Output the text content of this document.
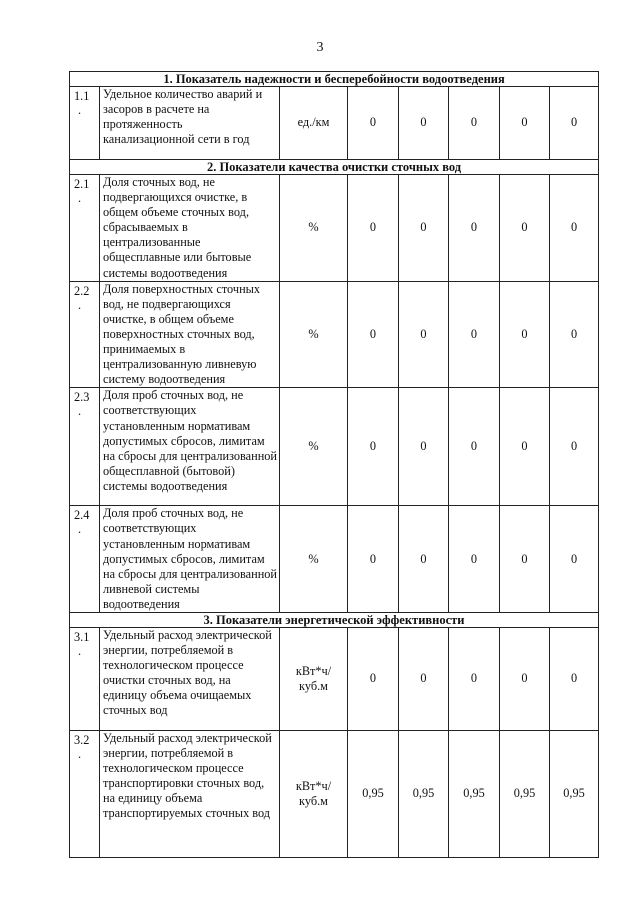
3
1. Показатель надежности и бесперебойности водоотведения							
1.1
.	Удельное количество аварий и засоров в расчете на протяженность канализационной сети в год	ед./км	0	0	0	0	0
2. Показатели качества очистки сточных вод							
2.1
.	Доля сточных вод, не подвергающихся очистке, в общем объеме сточных вод, сбрасываемых в централизованные общесплавные или бытовые системы водоотведения	%	0	0	0	0	0
2.2
.	Доля поверхностных сточных вод, не подвергающихся очистке, в общем объеме поверхностных сточных вод, принимаемых в централизованную ливневую систему водоотведения	%	0	0	0	0	0
2.3
.	Доля проб сточных вод, не соответствующих установленным нормативам допустимых сбросов, лимитам на сбросы для централизованной общесплавной (бытовой) системы водоотведения	%	0	0	0	0	0
2.4
.	Доля проб сточных вод, не соответствующих установленным нормативам допустимых сбросов, лимитам на сбросы для централизованной ливневой системы водоотведения	%	0	0	0	0	0
3. Показатели энергетической эффективности							
3.1
.	Удельный расход электрической энергии, потребляемой в технологическом процессе очистки сточных вод, на единицу объема очищаемых сточных вод	кВт*ч/
куб.м	0	0	0	0	0
3.2
.	Удельный расход электрической энергии, потребляемой в технологическом процессе транспортировки сточных вод, на единицу объема транспортируемых сточных вод	кВт*ч/
куб.м	0,95	0,95	0,95	0,95	0,95
